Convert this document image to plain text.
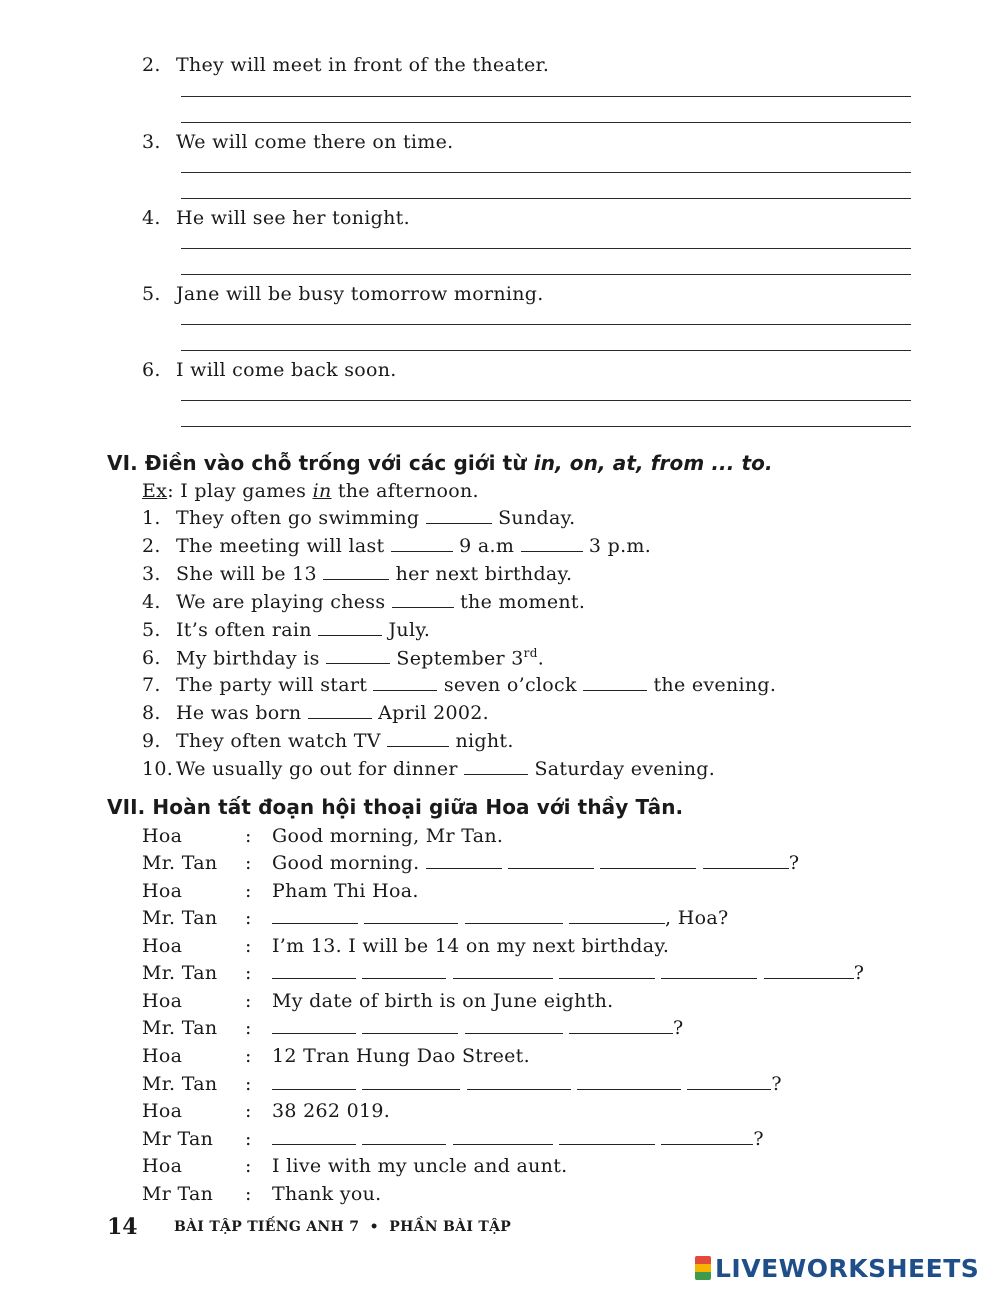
2. They will meet in front of the theater.
3. We will come there on time.
4. He will see her tonight.
5. Jane will be busy tomorrow morning.
6. I will come back soon.
VI. Điền vào chỗ trống với các giới từ in, on, at, from ... to.
Ex: I play games in the afternoon.
1. They often go swimming	Sunday.
2. The meeting will last	9 a.m	3 p.m.
3. She will be 13	her next birthday.
4. We are playing chess	the moment.
5. It’s often rain	July.
6. My birthday is	September 3rd.
7. The party will start	seven o’clock	the evening.
8. He was born	April 2002.
9. They often watch TV	night.
10. We usually go out for dinner	Saturday evening.
VII. Hoàn tất đoạn hội thoại giữa Hoa với thầy Tân.
Hoa	: Good morning, Mr Tan.
Mr. Tan : Good morning.	?
Hoa	: Pham Thi Hoa.
Mr. Tan :	, Hoa?
Hoa	: I’m 13. I will be 14 on my next birthday.
Mr. Tan :	?
Hoa	: My date of birth is on June eighth.
Mr. Tan :	?
Hoa	: 12 Tran Hung Dao Street.
Mr. Tan :	?
Hoa	: 38 262 019.
Mr Tan :	?
Hoa	: I live with my uncle and aunt.
Mr Tan : Thank you.
14	BÀI TẬP TIẾNG ANH 7 • PHẦN BÀI TẬP
LIVEWORKSHEETS
